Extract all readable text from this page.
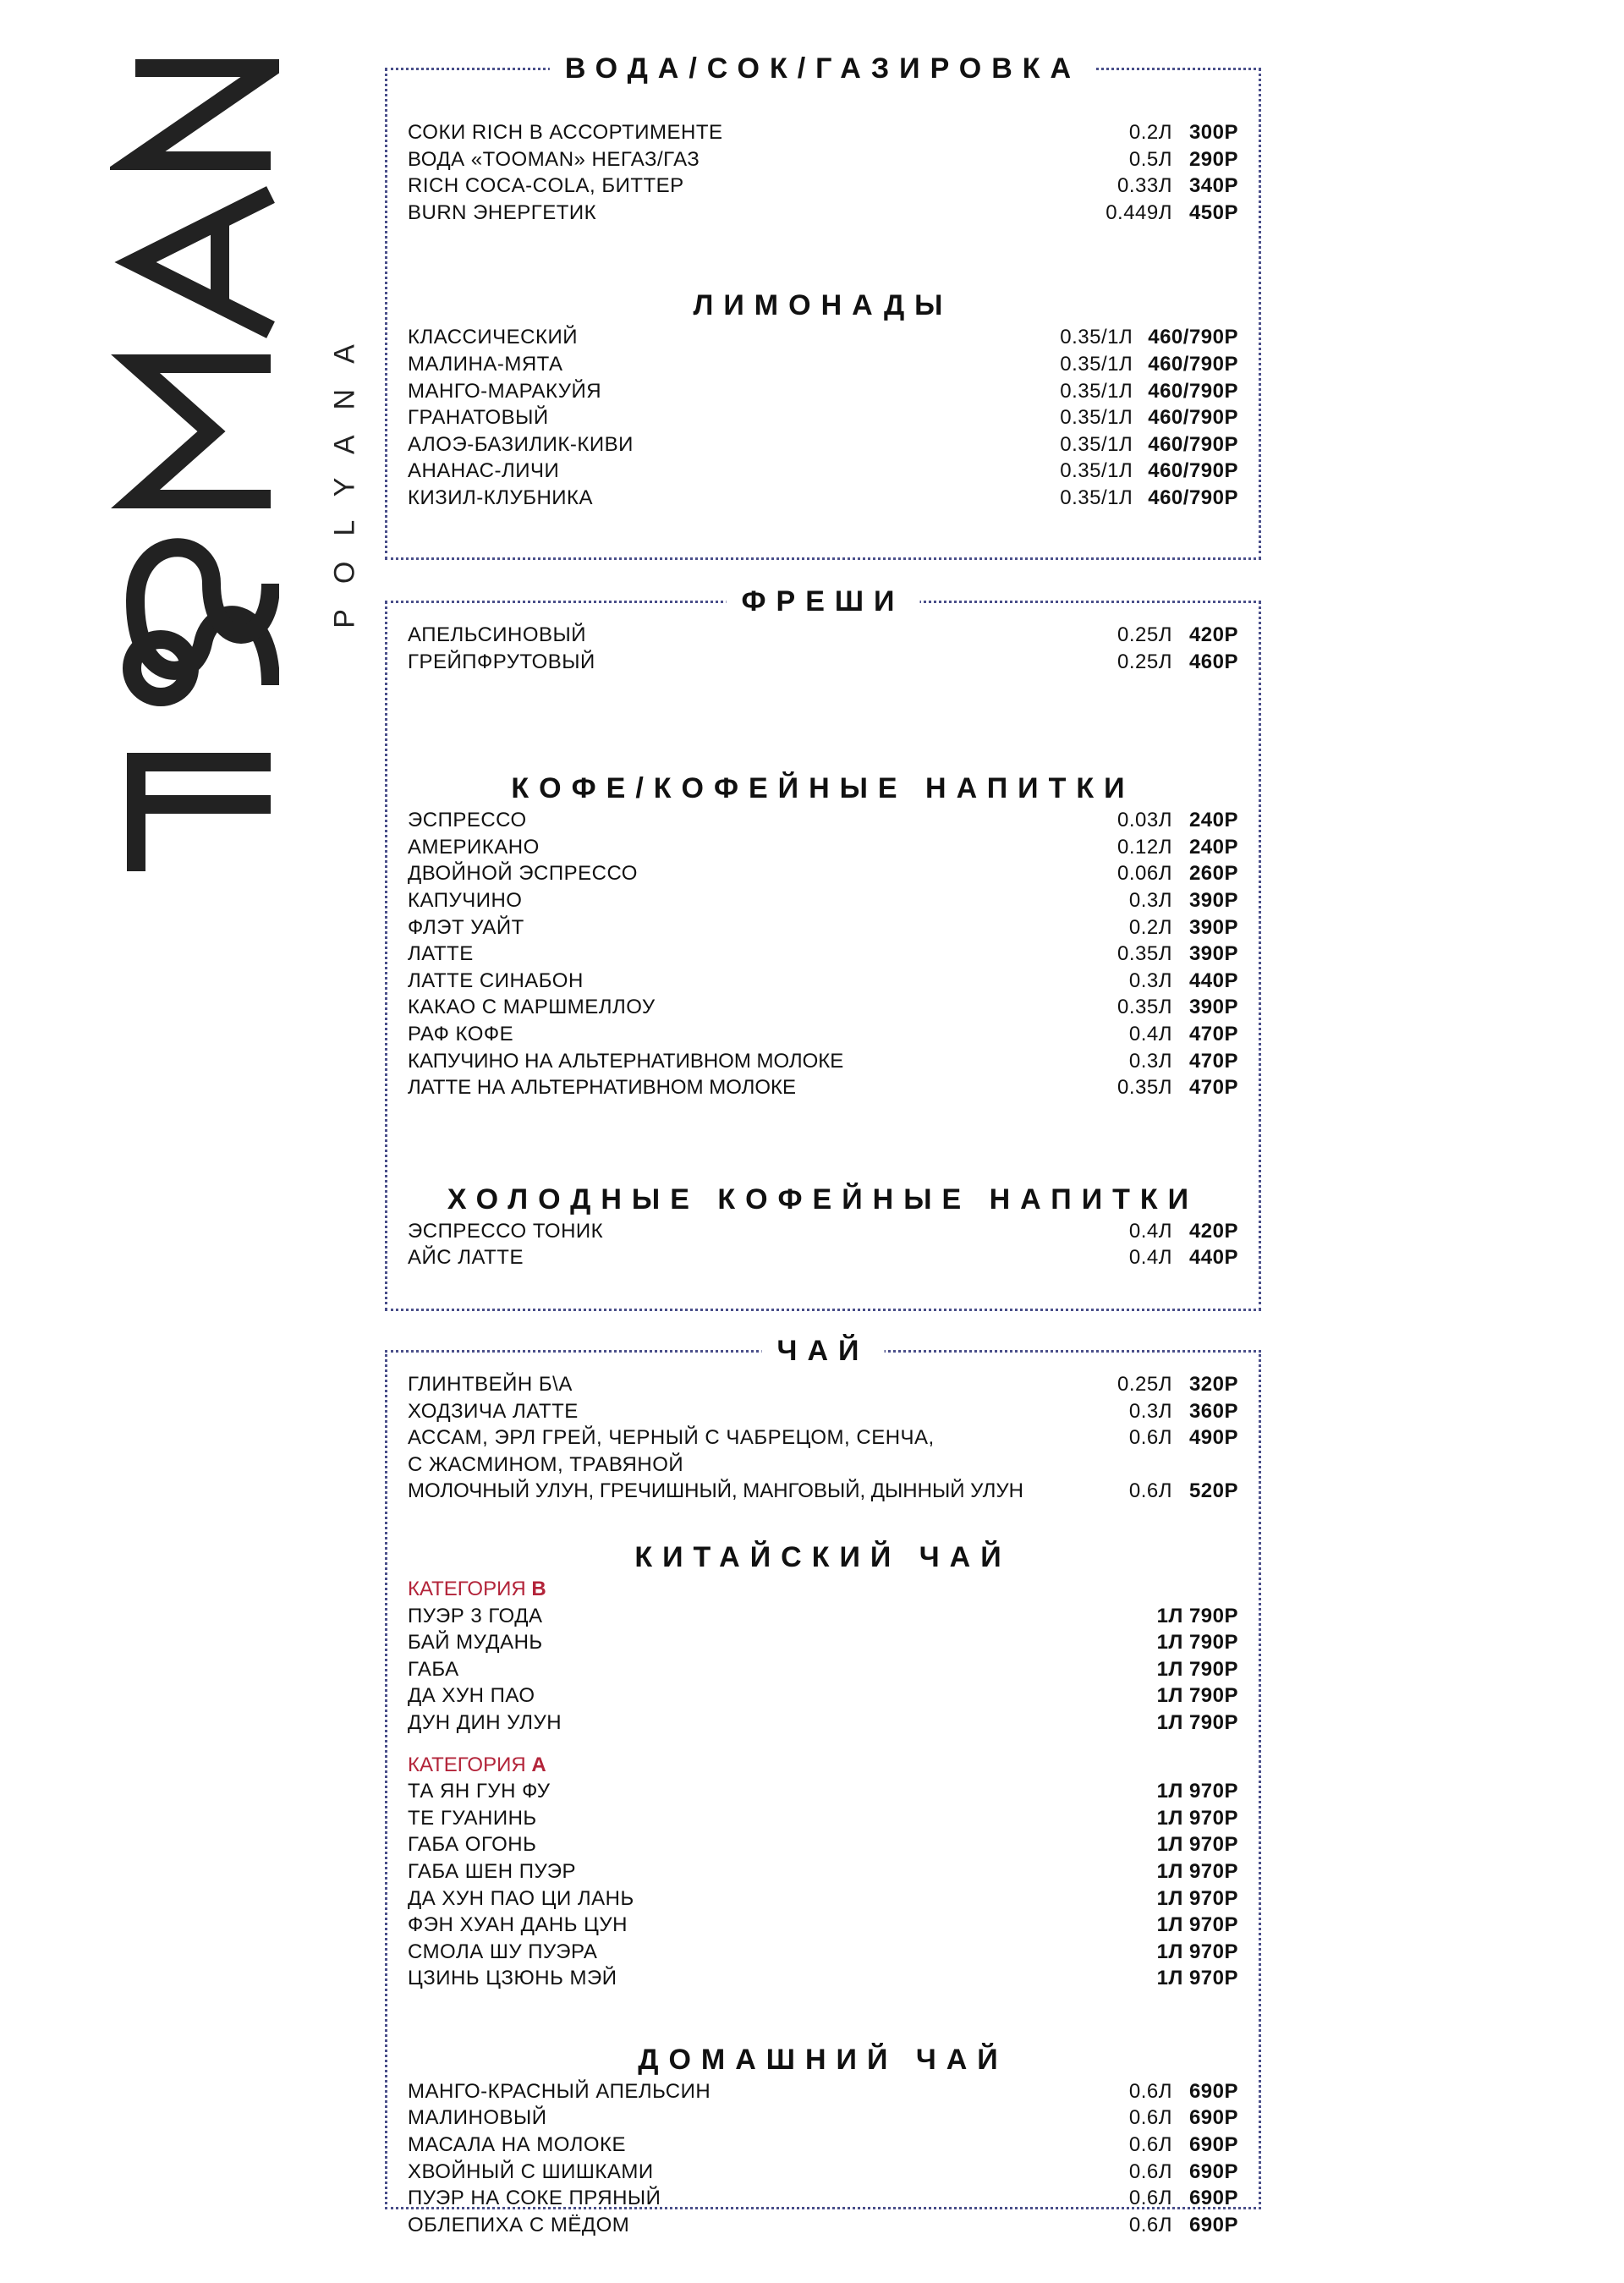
POLYANA
ВОДА/СОК/ГАЗИРОВКА
СОКИ RICH В АССОРТИМЕНТЕ	0.2Л 300Р
ВОДА «TOOMAN» НЕГАЗ/ГАЗ	0.5Л 290Р
RICH COCA-COLA, БИТТЕР	0.33Л 340Р
BURN ЭНЕРГЕТИК	0.449Л 450Р
ЛИМОНАДЫ
КЛАССИЧЕСКИЙ	0.35/1Л 460/790Р
МАЛИНА-МЯТА	0.35/1Л 460/790Р
МАНГО-МАРАКУЙЯ	0.35/1Л 460/790Р
ГРАНАТОВЫЙ	0.35/1Л 460/790Р
АЛОЭ-БАЗИЛИК-КИВИ	0.35/1Л 460/790Р
АНАНАС-ЛИЧИ	0.35/1Л 460/790Р
КИЗИЛ-КЛУБНИКА	0.35/1Л 460/790Р
ФРЕШИ
АПЕЛЬСИНОВЫЙ	0.25Л 420Р
ГРЕЙПФРУТОВЫЙ	0.25Л 460Р
КОФЕ/КОФЕЙНЫЕ НАПИТКИ
ЭСПРЕССО	0.03Л 240Р
АМЕРИКАНО	0.12Л 240Р
ДВОЙНОЙ ЭСПРЕССО	0.06Л 260Р
КАПУЧИНО	0.3Л 390Р
ФЛЭТ УАЙТ	0.2Л 390Р
ЛАТТЕ	0.35Л 390Р
ЛАТТЕ СИНАБОН	0.3Л 440Р
КАКАО С МАРШМЕЛЛОУ	0.35Л 390Р
РАФ КОФЕ	0.4Л 470Р
КАПУЧИНО НА АЛЬТЕРНАТИВНОМ МОЛОКЕ	0.3Л 470Р
ЛАТТЕ НА АЛЬТЕРНАТИВНОМ МОЛОКЕ	0.35Л 470Р
ХОЛОДНЫЕ КОФЕЙНЫЕ НАПИТКИ
ЭСПРЕССО ТОНИК	0.4Л 420Р
АЙС ЛАТТЕ	0.4Л 440Р
ЧАЙ
ГЛИНТВЕЙН Б\А	0.25Л 320Р
ХОДЗИЧА ЛАТТЕ	0.3Л 360Р
АССАМ, ЭРЛ ГРЕЙ, ЧЕРНЫЙ С ЧАБРЕЦОМ, СЕНЧА,	0.6Л 490Р
С ЖАСМИНОМ, ТРАВЯНОЙ
МОЛОЧНЫЙ УЛУН, ГРЕЧИШНЫЙ, МАНГОВЫЙ, ДЫННЫЙ УЛУН	0.6Л 520Р
КИТАЙСКИЙ ЧАЙ
КАТЕГОРИЯ B
ПУЭР 3 ГОДА	1Л 790Р
БАЙ МУДАНЬ	1Л 790Р
ГАБА	1Л 790Р
ДА ХУН ПАО	1Л 790Р
ДУН ДИН УЛУН	1Л 790Р
КАТЕГОРИЯ А
ТА ЯН ГУН ФУ	1Л 970Р
ТЕ ГУАНИНЬ	1Л 970Р
ГАБА ОГОНЬ	1Л 970Р
ГАБА ШЕН ПУЭР	1Л 970Р
ДА ХУН ПАО ЦИ ЛАНЬ	1Л 970Р
ФЭН ХУАН ДАНЬ ЦУН	1Л 970Р
СМОЛА ШУ ПУЭРА	1Л 970Р
ЦЗИНЬ ЦЗЮНЬ МЭЙ	1Л 970Р
ДОМАШНИЙ ЧАЙ
МАНГО-КРАСНЫЙ АПЕЛЬСИН	0.6Л 690Р
МАЛИНОВЫЙ	0.6Л 690Р
МАСАЛА НА МОЛОКЕ	0.6Л 690Р
ХВОЙНЫЙ С ШИШКАМИ	0.6Л 690Р
ПУЭР НА СОКЕ ПРЯНЫЙ	0.6Л 690Р
ОБЛЕПИХА С МЁДОМ	0.6Л 690Р
